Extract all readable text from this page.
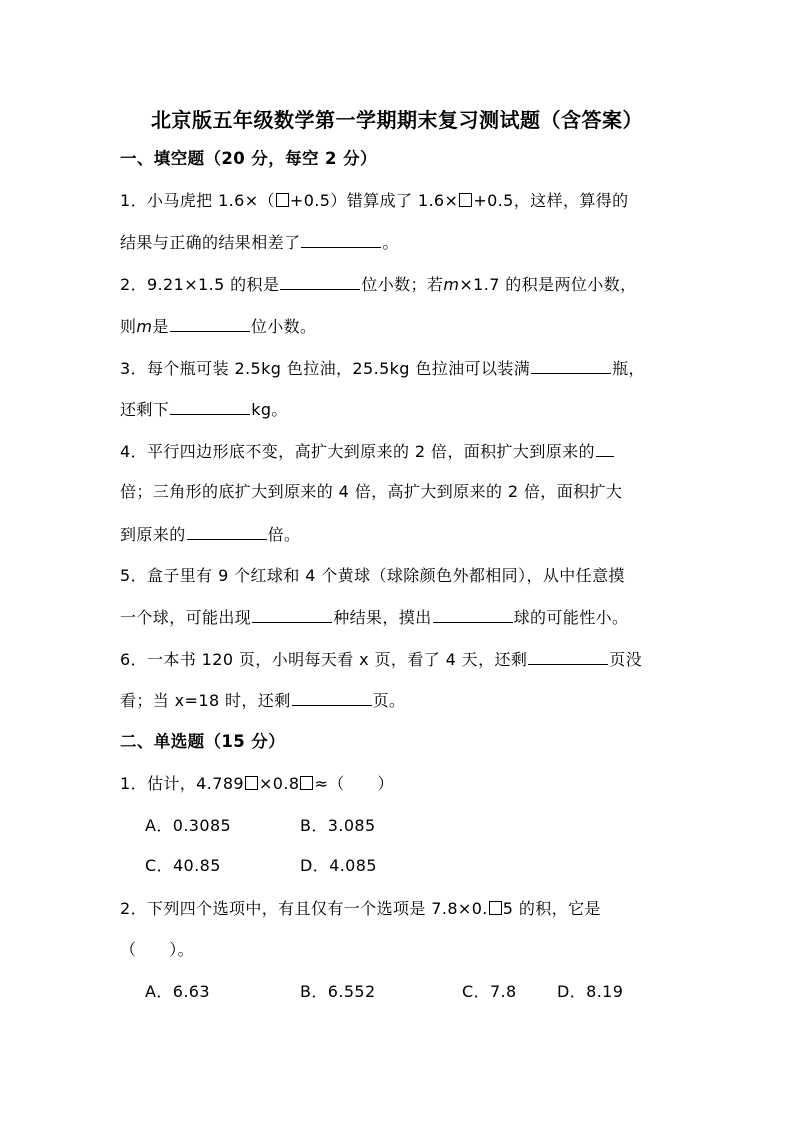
北京版五年级数学第一学期期末复习测试题（含答案）
一、填空题（20 分，每空 2 分）
1．小马虎把 1.6×（ +0.5）错算成了 1.6× +0.5，这样，算得的
结果与正确的结果相差了	。
2．9.21×1.5 的积是	位小数；若m×1.7 的积是两位小数，
则m是	位小数。
3．每个瓶可装 2.5kg 色拉油，25.5kg 色拉油可以装满	瓶，
还剩下	kg。
4．平行四边形底不变，高扩大到原来的 2 倍，面积扩大到原来的
倍；三角形的底扩大到原来的 4 倍，高扩大到原来的 2 倍，面积扩大
到原来的	倍。
5．盒子里有 9 个红球和 4 个黄球（球除颜色外都相同），从中任意摸
一个球，可能出现	种结果，摸出	球的可能性小。
6．一本书 120 页，小明每天看 x 页，看了 4 天，还剩	页没
看；当 x=18 时，还剩	页。
二、单选题（15 分）
1．估计，4.789 ×0.8 ≈（　　）
A．0.3085	B．3.085
C．40.85	D．4.085
2．下列四个选项中，有且仅有一个选项是 7.8×0. 5 的积，它是
（　　）。
A．6.63	B．6.552	C．7.8	D．8.19
